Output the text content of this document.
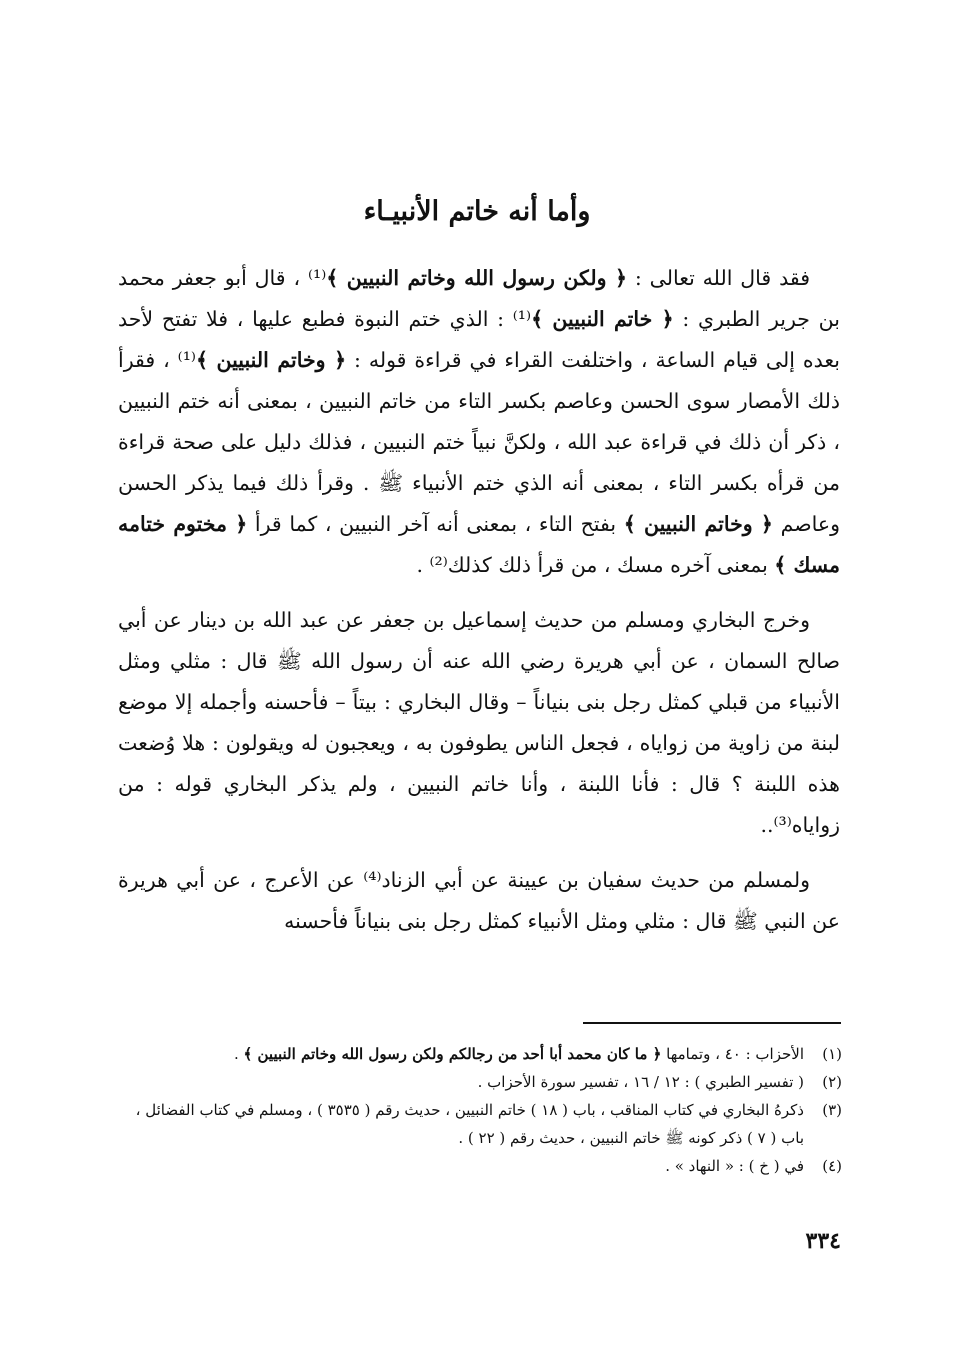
وأما أنه خاتم الأنبيـاء

فقد قال الله تعالى : ﴿ ولكن رسول الله وخاتم النبيين ﴾⁽¹⁾ ، قال أبو جعفر محمد بن جرير الطبري : ﴿ خاتم النبيين ﴾⁽¹⁾ : الذي ختم النبوة فطبع عليها ، فلا تفتح لأحد بعده إلى قيام الساعة ، واختلفت القراء في قراءة قوله : ﴿ وخاتم النبيين ﴾⁽¹⁾ ، فقرأ ذلك الأمصار سوى الحسن وعاصم بكسر التاء من خاتم النبيين ، بمعنى أنه ختم النبيين ، ذكر أن ذلك في قراءة عبد الله ، ولكنَّ نبياً ختم النبيين ، فذلك دليل على صحة قراءة من قرأه بكسر التاء ، بمعنى أنه الذي ختم الأنبياء ﷺ . وقرأ ذلك فيما يذكر الحسن وعاصم ﴿ وخاتم النبيين ﴾ بفتح التاء ، بمعنى أنه آخر النبيين ، كما قرأ ﴿ مختوم ختامه مسك ﴾ بمعنى آخره مسك ، من قرأ ذلك كذلك⁽²⁾ .

وخرج البخاري ومسلم من حديث إسماعيل بن جعفر عن عبد الله بن دينار عن أبي صالح السمان ، عن أبي هريرة رضي الله عنه أن رسول الله ﷺ قال : مثلي ومثل الأنبياء من قبلي كمثل رجل بنى بنياناً – وقال البخاري : بيتاً – فأحسنه وأجمله إلا موضع لبنة من زاوية من زواياه ، فجعل الناس يطوفون به ، ويعجبون له ويقولون : هلا وُضعت هذه اللبنة ؟ قال : فأنا اللبنة ، وأنا خاتم النبيين ، ولم يذكر البخاري قوله : من زواياه⁽³⁾..

ولمسلم من حديث سفيان بن عيينة عن أبي الزناد⁽⁴⁾ عن الأعرج ، عن أبي هريرة عن النبي ﷺ قال : مثلي ومثل الأنبياء كمثل رجل بنى بنياناً فأحسنه

(١)
الأحزاب : ٤٠ ، وتمامها ﴿ ما كان محمد أبا أحد من رجالكم ولكن رسول الله وخاتم النبيين ﴾ .
(٢)
( تفسير الطبري ) : ١٢ / ١٦ ، تفسير سورة الأحزاب .
(٣)
ذكرهُ البخاري في كتاب المناقب ، باب ( ١٨ ) خاتم النبيين ، حديث رقم ( ٣٥٣٥ ) ، ومسلم في كتاب الفضائل ، باب ( ٧ ) ذكر كونه ﷺ خاتم النبيين ، حديث رقم ( ٢٢ ) .
(٤)
في ( خ ) : « النهاد » .
٣٣٤
